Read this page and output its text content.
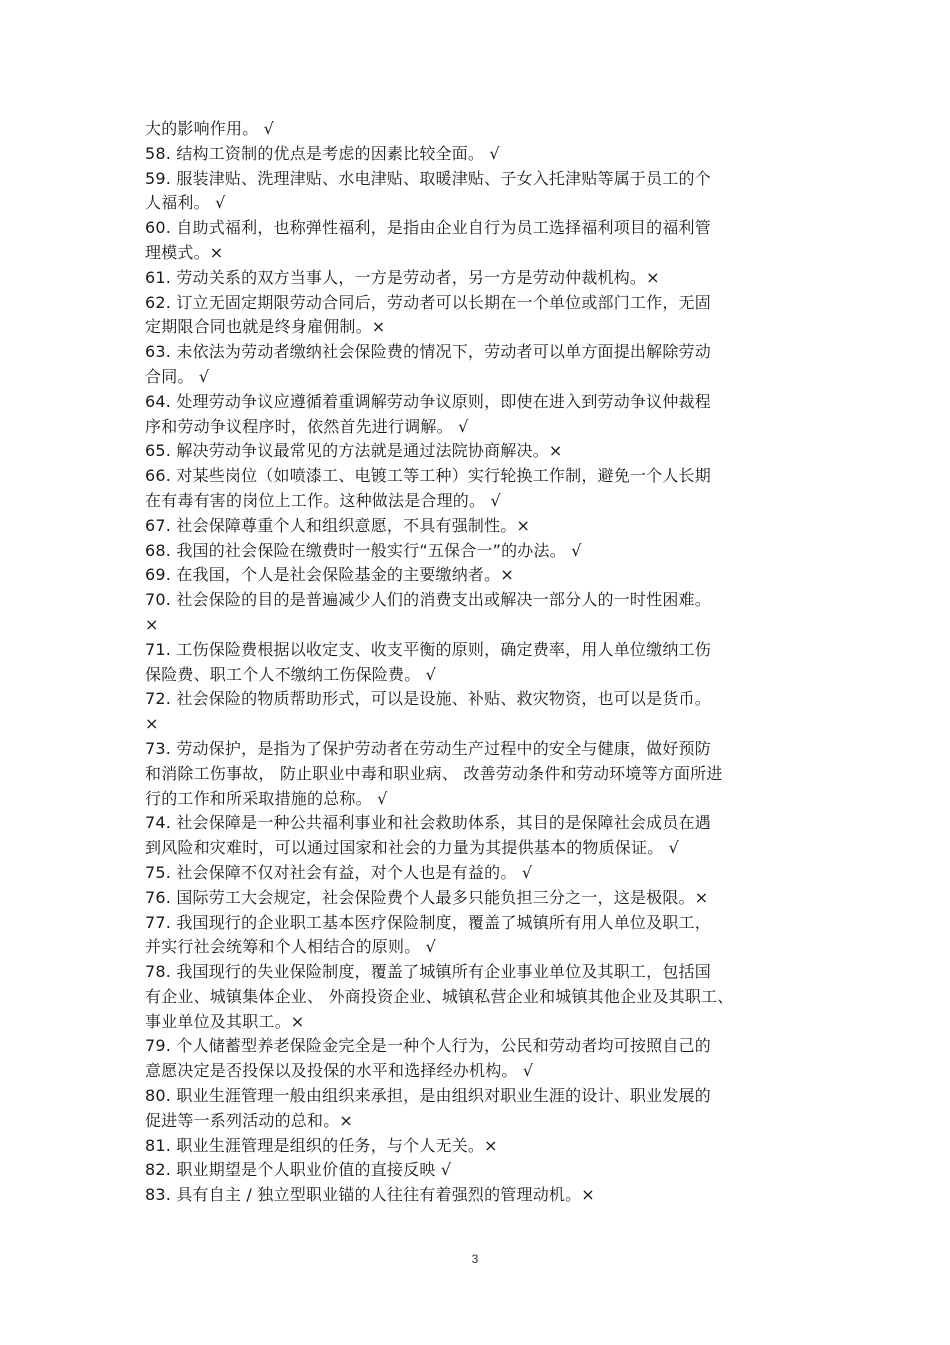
大的影响作用。 √
58. 结构工资制的优点是考虑的因素比较全面。 √
59. 服装津贴、洗理津贴、水电津贴、取暖津贴、子女入托津贴等属于员工的个
人福利。 √
60. 自助式福利，也称弹性福利，是指由企业自行为员工选择福利项目的福利管
理模式。×
61. 劳动关系的双方当事人，一方是劳动者，另一方是劳动仲裁机构。×
62. 订立无固定期限劳动合同后，劳动者可以长期在一个单位或部门工作，无固
定期限合同也就是终身雇佣制。×
63. 未依法为劳动者缴纳社会保险费的情况下，劳动者可以单方面提出解除劳动
合同。 √
64. 处理劳动争议应遵循着重调解劳动争议原则，即使在进入到劳动争议仲裁程
序和劳动争议程序时，依然首先进行调解。 √
65. 解决劳动争议最常见的方法就是通过法院协商解决。×
66. 对某些岗位（如喷漆工、电镀工等工种）实行轮换工作制，避免一个人长期
在有毒有害的岗位上工作。这种做法是合理的。 √
67. 社会保障尊重个人和组织意愿，不具有强制性。×
68. 我国的社会保险在缴费时一般实行“五保合一”的办法。 √
69. 在我国，个人是社会保险基金的主要缴纳者。×
70. 社会保险的目的是普遍减少人们的消费支出或解决一部分人的一时性困难。
×
71. 工伤保险费根据以收定支、收支平衡的原则，确定费率，用人单位缴纳工伤
保险费、职工个人不缴纳工伤保险费。 √
72. 社会保险的物质帮助形式，可以是设施、补贴、救灾物资，也可以是货币。
×
73. 劳动保护，是指为了保护劳动者在劳动生产过程中的安全与健康，做好预防
和消除工伤事故， 防止职业中毒和职业病、 改善劳动条件和劳动环境等方面所进
行的工作和所采取措施的总称。 √
74. 社会保障是一种公共福利事业和社会救助体系，其目的是保障社会成员在遇
到风险和灾难时，可以通过国家和社会的力量为其提供基本的物质保证。 √
75. 社会保障不仅对社会有益，对个人也是有益的。 √
76. 国际劳工大会规定，社会保险费个人最多只能负担三分之一，这是极限。×
77. 我国现行的企业职工基本医疗保险制度，覆盖了城镇所有用人单位及职工，
并实行社会统筹和个人相结合的原则。 √
78. 我国现行的失业保险制度，覆盖了城镇所有企业事业单位及其职工，包括国
有企业、城镇集体企业、 外商投资企业、城镇私营企业和城镇其他企业及其职工、
事业单位及其职工。×
79. 个人储蓄型养老保险金完全是一种个人行为，公民和劳动者均可按照自己的
意愿决定是否投保以及投保的水平和选择经办机构。 √
80. 职业生涯管理一般由组织来承担，是由组织对职业生涯的设计、职业发展的
促进等一系列活动的总和。×
81. 职业生涯管理是组织的任务，与个人无关。×
82. 职业期望是个人职业价值的直接反映 √
83. 具有自主 / 独立型职业锚的人往往有着强烈的管理动机。×
3
